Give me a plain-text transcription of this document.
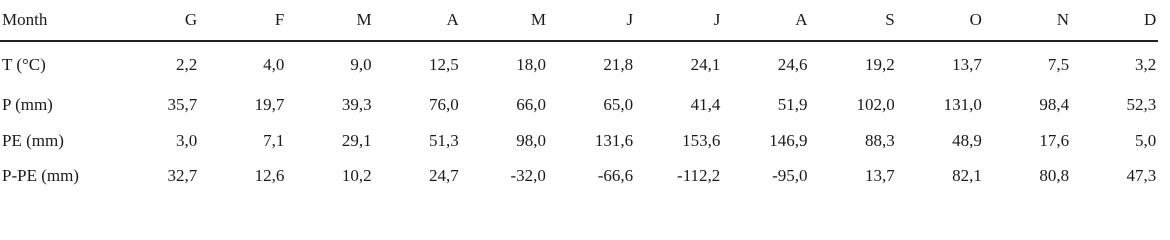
Month	G	F	M	A	M	J	J	A	S	O	N	D
T (°C)	2,2	4,0	9,0	12,5	18,0	21,8	24,1	24,6	19,2	13,7	7,5	3,2
P (mm)	35,7	19,7	39,3	76,0	66,0	65,0	41,4	51,9	102,0	131,0	98,4	52,3
PE (mm)	3,0	7,1	29,1	51,3	98,0	131,6	153,6	146,9	88,3	48,9	17,6	5,0
P-PE (mm)	32,7	12,6	10,2	24,7	-32,0	-66,6	-112,2	-95,0	13,7	82,1	80,8	47,3
